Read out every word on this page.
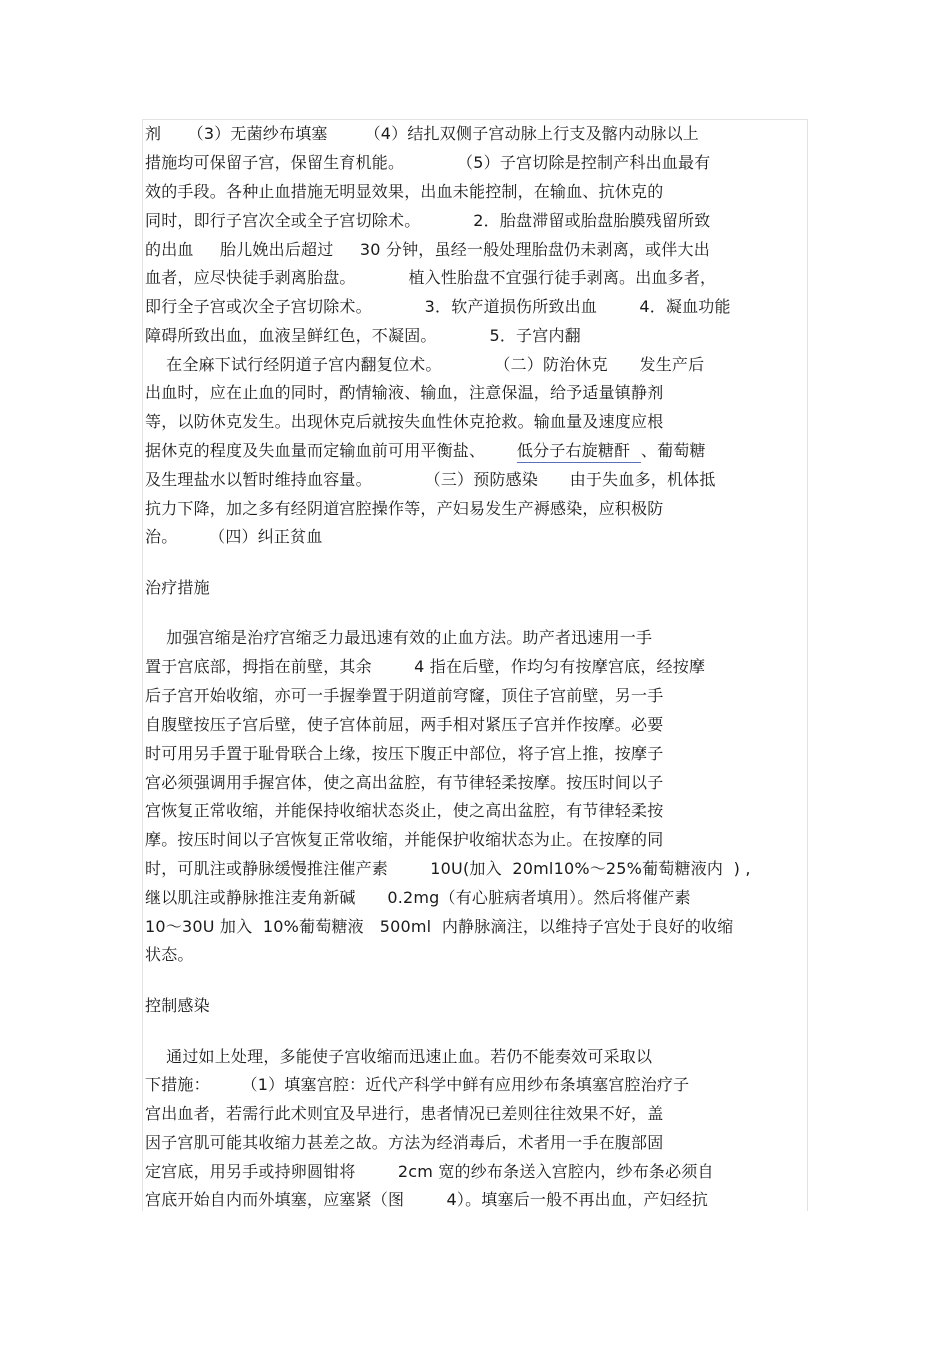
剂     （3）无菌纱布填塞       （4）结扎双侧子宫动脉上行支及髂内动脉以上
措施均可保留子宫，保留生育机能。          （5）子宫切除是控制产科出血最有
效的手段。各种止血措施无明显效果，出血未能控制，在输血、抗休克的
同时，即行子宫次全或全子宫切除术。          2．胎盘滞留或胎盘胎膜残留所致
的出血     胎儿娩出后超过     30 分钟，虽经一般处理胎盘仍未剥离，或伴大出
血者，应尽快徒手剥离胎盘。          植入性胎盘不宜强行徒手剥离。出血多者，
即行全子宫或次全子宫切除术。          3．软产道损伤所致出血        4．凝血功能
障碍所致出血，血液呈鲜红色，不凝固。          5．子宫内翻
在全麻下试行经阴道子宫内翻复位术。          （二）防治休克      发生产后
出血时，应在止血的同时，酌情输液、输血，注意保温，给予适量镇静剂
等，以防休克发生。出现休克后就按失血性休克抢救。输血量及速度应根
据休克的程度及失血量而定输血前可用平衡盐、      低分子右旋糖酐  、葡萄糖
及生理盐水以暂时维持血容量。          （三）预防感染      由于失血多，机体抵
抗力下降，加之多有经阴道宫腔操作等，产妇易发生产褥感染，应积极防
治。      （四）纠正贫血
治疗措施
加强宫缩是治疗宫缩乏力最迅速有效的止血方法。助产者迅速用一手
置于宫底部，拇指在前壁，其余        4 指在后壁，作均匀有按摩宫底，经按摩
后子宫开始收缩，亦可一手握拳置于阴道前穹窿，顶住子宫前壁，另一手
自腹壁按压子宫后壁，使子宫体前屈，两手相对紧压子宫并作按摩。必要
时可用另手置于耻骨联合上缘，按压下腹正中部位，将子宫上推，按摩子
宫必须强调用手握宫体，使之高出盆腔，有节律轻柔按摩。按压时间以子
宫恢复正常收缩，并能保持收缩状态炎止，使之高出盆腔，有节律轻柔按
摩。按压时间以子宫恢复正常收缩，并能保护收缩状态为止。在按摩的同
时，可肌注或静脉缓慢推注催产素        10U(加入  20ml10%～25%葡萄糖液内  ) ,
继以肌注或静脉推注麦角新碱      0.2mg（有心脏病者填用）。然后将催产素
10～30U 加入  10%葡萄糖液   500ml  内静脉滴注，以维持子宫处于良好的收缩
状态。
控制感染
通过如上处理，多能使子宫收缩而迅速止血。若仍不能奏效可采取以
下措施：      （1）填塞宫腔：近代产科学中鲜有应用纱布条填塞宫腔治疗子
宫出血者，若需行此术则宜及早进行，患者情况已差则往往效果不好，盖
因子宫肌可能其收缩力甚差之故。方法为经消毒后，术者用一手在腹部固
定宫底，用另手或持卵圆钳将        2cm 宽的纱布条送入宫腔内，纱布条必须自
宫底开始自内而外填塞，应塞紧（图        4）。填塞后一般不再出血，产妇经抗
